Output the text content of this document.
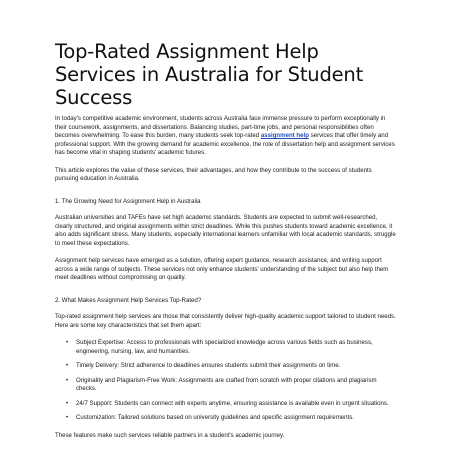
Top-Rated Assignment Help Services in Australia for Student Success

In today's competitive academic environment, students across Australia face immense pressure to perform exceptionally in their coursework, assignments, and dissertations. Balancing studies, part-time jobs, and personal responsibilities often becomes overwhelming. To ease this burden, many students seek top-rated assignment help services that offer timely and professional support. With the growing demand for academic excellence, the role of dissertation help and assignment services has become vital in shaping students' academic futures.

This article explores the value of these services, their advantages, and how they contribute to the success of students pursuing education in Australia.

1. The Growing Need for Assignment Help in Australia

Australian universities and TAFEs have set high academic standards. Students are expected to submit well-researched, clearly structured, and original assignments within strict deadlines. While this pushes students toward academic excellence, it also adds significant stress. Many students, especially international learners unfamiliar with local academic standards, struggle to meet these expectations.

Assignment help services have emerged as a solution, offering expert guidance, research assistance, and writing support across a wide range of subjects. These services not only enhance students' understanding of the subject but also help them meet deadlines without compromising on quality.

2. What Makes Assignment Help Services Top-Rated?

Top-rated assignment help services are those that consistently deliver high-quality academic support tailored to student needs. Here are some key characteristics that set them apart:

• Subject Expertise: Access to professionals with specialized knowledge across various fields such as business, engineering, nursing, law, and humanities.
• Timely Delivery: Strict adherence to deadlines ensures students submit their assignments on time.
• Originality and Plagiarism-Free Work: Assignments are crafted from scratch with proper citations and plagiarism checks.
• 24/7 Support: Students can connect with experts anytime, ensuring assistance is available even in urgent situations.
• Customization: Tailored solutions based on university guidelines and specific assignment requirements.

These features make such services reliable partners in a student's academic journey.
